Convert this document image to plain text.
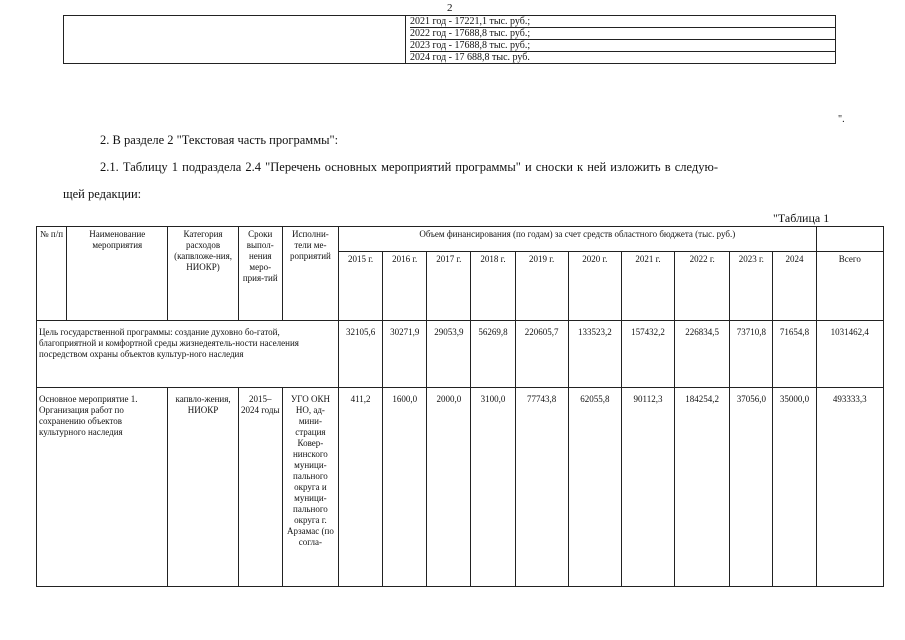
2

2021 год - 17221,1 тыс. руб.;
2022 год - 17688,8 тыс. руб.;
2023 год - 17688,8 тыс. руб.;
2024 год - 17 688,8 тыс. руб.
".
2. В разделе 2 "Текстовая часть программы":
2.1. Таблицу 1 подраздела 2.4 "Перечень основных мероприятий программы" и сноски к ней изложить в следую-
щей редакции:
"Таблица 1
№ п/п	Наименование мероприятия	Категория расходов (капвложе-ния, НИОКР)	Сроки выпол-нения меро-прия-тий	Исполни-тели ме-роприятий	Объем финансирования (по годам) за счет средств областного бюджета (тыс. руб.)										
					2015 г.	2016 г.	2017 г.	2018 г.	2019 г.	2020 г.	2021 г.	2022 г.	2023 г.	2024	Всего
Цель государственной программы: создание духовно бо-гатой, благоприятной и комфортной среды жизнедеятель-ности населения посредством охраны объектов культур-ного наследия					32105,6	30271,9	29053,9	56269,8	220605,7	133523,2	157432,2	226834,5	73710,8	71654,8	1031462,4
Основное мероприятие 1. Организация работ по сохранению объектов культурного наследия		капвло-жения, НИОКР	2015–2024 годы	УГО ОКН НО, ад-мини-страция Ковер-нинского муници-пального округа и муници-пального округа г. Арзамас (по согла-	411,2	1600,0	2000,0	3100,0	77743,8	62055,8	90112,3	184254,2	37056,0	35000,0	493333,3
